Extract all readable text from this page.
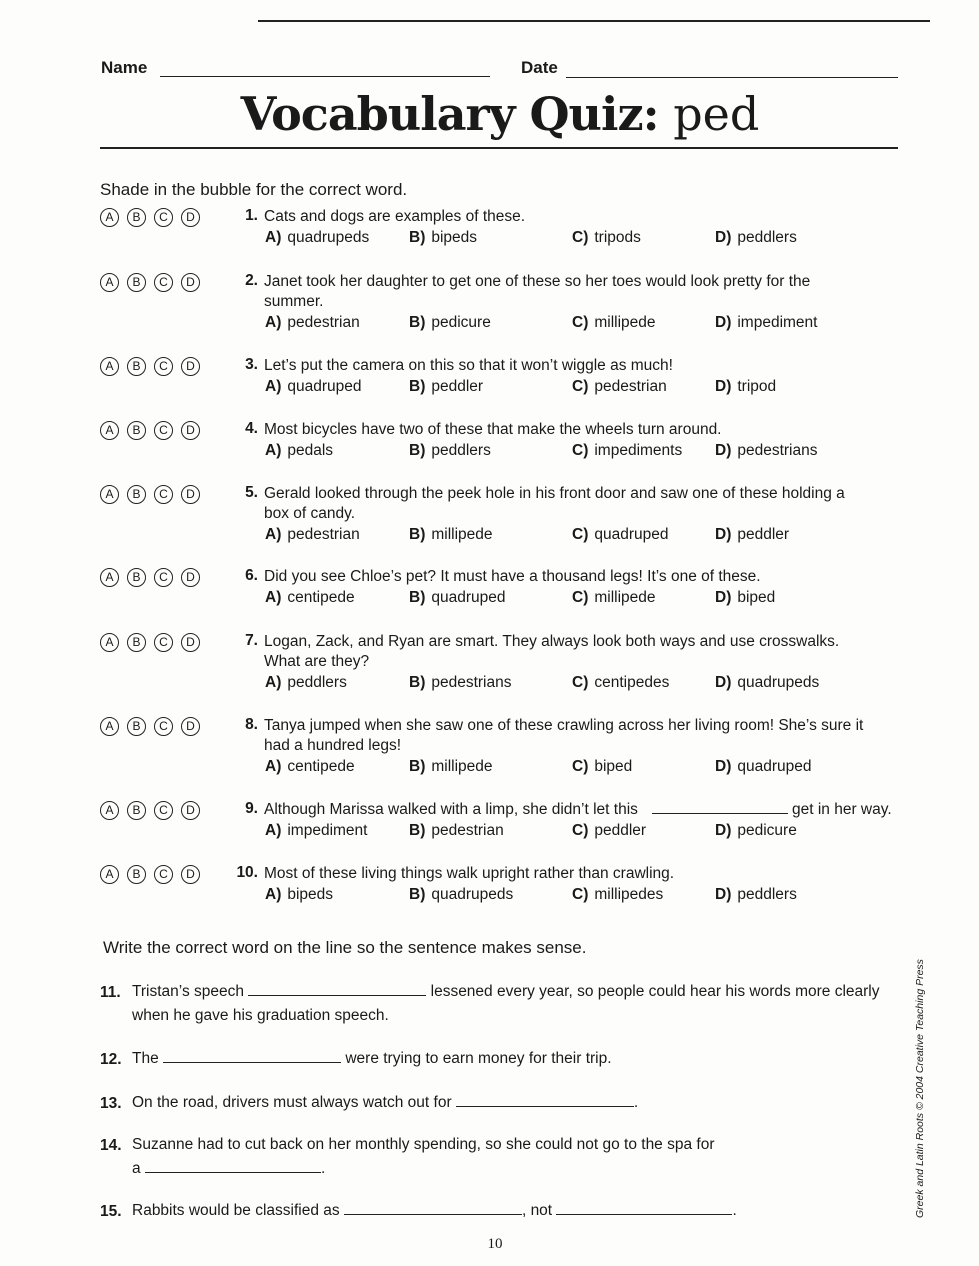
Name	Date
Vocabulary Quiz: ped
Shade in the bubble for the correct word.
A	B	C	D	1. Cats and dogs are examples of these.
A) quadrupeds	B) bipeds	C) tripods	D) peddlers
A	B	C	D	2. Janet took her daughter to get one of these so her toes would look pretty for the
summer.
A) pedestrian	B) pedicure	C) millipede	D) impediment
A	B	C	D	3. Let’s put the camera on this so that it won’t wiggle as much!
A) quadruped	B) peddler	C) pedestrian	D) tripod
A	B	C	D	4. Most bicycles have two of these that make the wheels turn around.
A) pedals	B) peddlers	C) impediments D) pedestrians
A	B	C	D	5. Gerald looked through the peek hole in his front door and saw one of these holding a
box of candy.
A) pedestrian	B) millipede	C) quadruped	D) peddler
A	B	C	D	6. Did you see Chloe’s pet? It must have a thousand legs! It’s one of these.
A) centipede	B) quadruped	C) millipede	D) biped
A	B	C	D	7. Logan, Zack, and Ryan are smart. They always look both ways and use crosswalks.
What are they?
A) peddlers	B) pedestrians	C) centipedes	D) quadrupeds
A	B	C	D	8. Tanya jumped when she saw one of these crawling across her living room! She’s sure it
had a hundred legs!
A) centipede	B) millipede	C) biped	D) quadruped
A	B	C	D	9. Although Marissa walked with a limp, she didn’t let this	get in her way.
A) impediment	B) pedestrian	C) peddler	D) pedicure
A	B	C	D	10. Most of these living things walk upright rather than crawling.
A) bipeds	B) quadrupeds	C) millipedes	D) peddlers
Write the correct word on the line so the sentence makes sense.
11. Tristan’s speech	lessened every year, so people could hear his words more clearly
when he gave his graduation speech.
12. The	were trying to earn money for their trip.
13. On the road, drivers must always watch out for	.
14. Suzanne had to cut back on her monthly spending, so she could not go to the spa for
a	.
15. Rabbits would be classified as	, not	.	Greek and Latin Roots © 2004 Creative Teaching Press
10
